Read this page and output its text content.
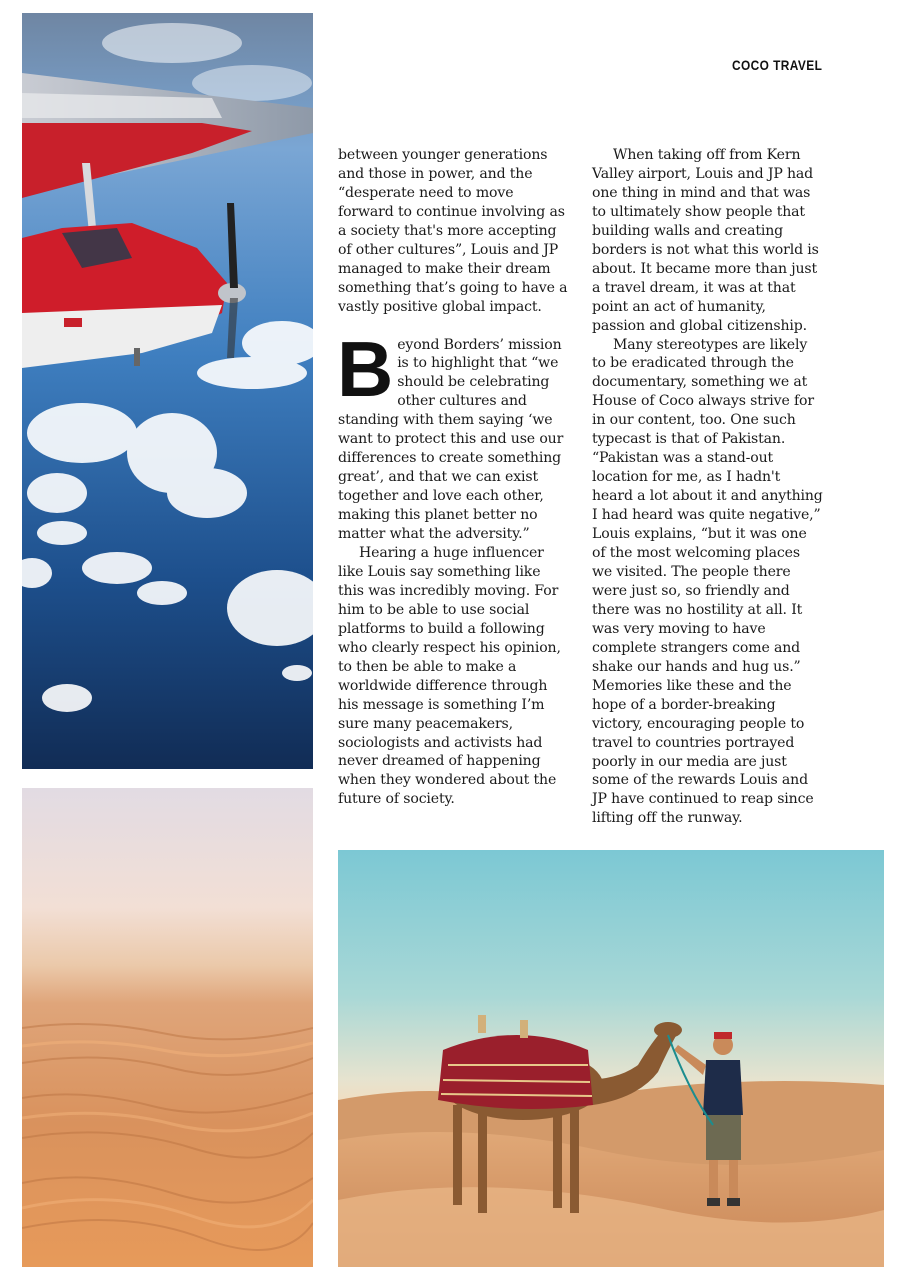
COCO TRAVEL

between younger generations and those in power, and the “desperate need to move forward to continue involving as a society that's more accepting of other cultures”, Louis and JP managed to make their dream something that’s going to have a vastly positive global impact.

Beyond Borders’ mission is to highlight that “we should be celebrating other cultures and standing with them saying ‘we want to protect this and use our differences to create something great’, and that we can exist together and love each other, making this planet better no matter what the adversity.”

Hearing a huge influencer like Louis say something like this was incredibly moving. For him to be able to use social platforms to build a following who clearly respect his opinion, to then be able to make a worldwide difference through his message is something I’m sure many peacemakers, sociologists and activists had never dreamed of happening when they wondered about the future of society.

When taking off from Kern Valley airport, Louis and JP had one thing in mind and that was to ultimately show people that building walls and creating borders is not what this world is about. It became more than just a travel dream, it was at that point an act of humanity, passion and global citizenship.

Many stereotypes are likely to be eradicated through the documentary, something we at House of Coco always strive for in our content, too. One such typecast is that of Pakistan. “Pakistan was a stand-out location for me, as I hadn't heard a lot about it and anything I had heard was quite negative,” Louis explains, “but it was one of the most welcoming places we visited. The people there were just so, so friendly and there was no hostility at all. It was very moving to have complete strangers come and shake our hands and hug us.” Memories like these and the hope of a border-breaking victory, encouraging people to travel to countries portrayed poorly in our media are just some of the rewards Louis and JP have continued to reap since lifting off the runway.
